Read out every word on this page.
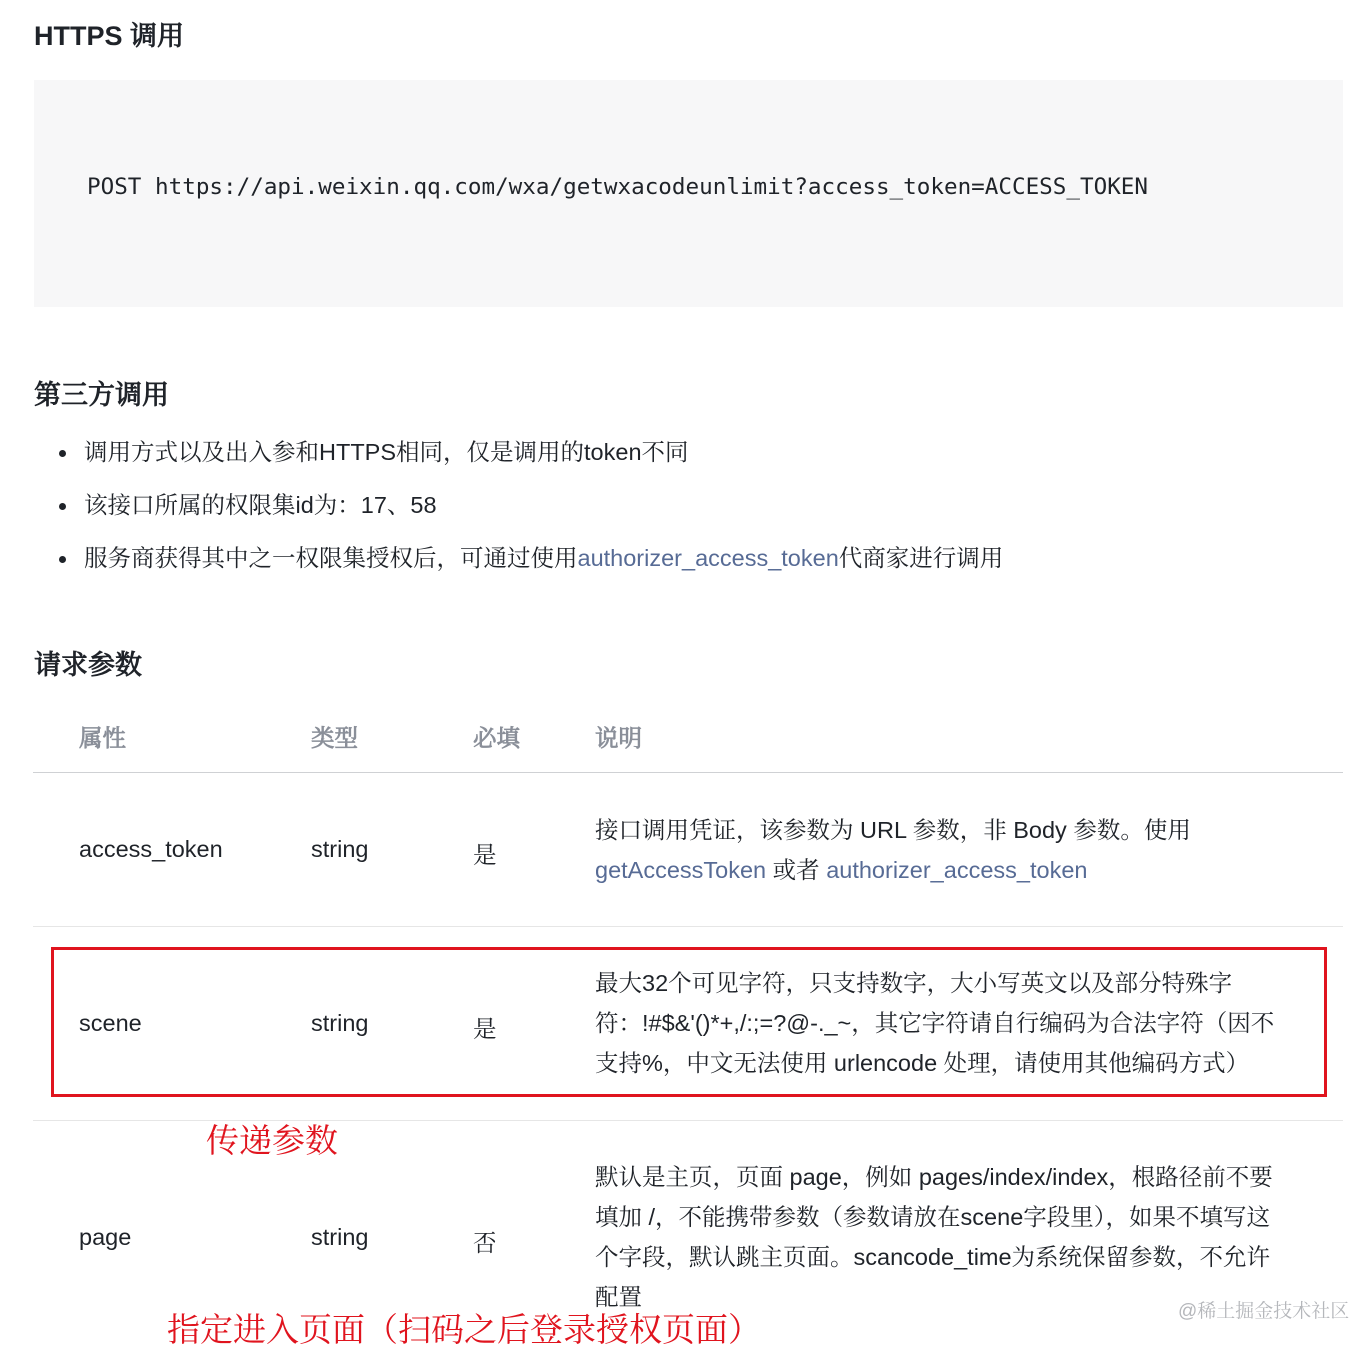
HTTPS 调用
POST https://api.weixin.qq.com/wxa/getwxacodeunlimit?access_token=ACCESS_TOKEN
第三方调用
调用方式以及出入参和HTTPS相同，仅是调用的token不同
该接口所属的权限集id为：17、58
服务商获得其中之一权限集授权后，可通过使用authorizer_access_token代商家进行调用
请求参数
属性	类型	必填	说明
access_token	string	是
接口调用凭证，该参数为 URL 参数，非 Body 参数。使用
getAccessToken 或者 authorizer_access_token
scene	string	是
最大32个可见字符，只支持数字，大小写英文以及部分特殊字
符：!#$&'()*+,/:;=?@-._~，其它字符请自行编码为合法字符（因不
支持%，中文无法使用 urlencode 处理，请使用其他编码方式）
page	string	否
默认是主页，页面 page，例如 pages/index/index，根路径前不要
填加 /，不能携带参数（参数请放在scene字段里），如果不填写这
个字段，默认跳主页面。scancode_time为系统保留参数，不允许
配置
传递参数
指定进入页面（扫码之后登录授权页面）	@稀土掘金技术社区
